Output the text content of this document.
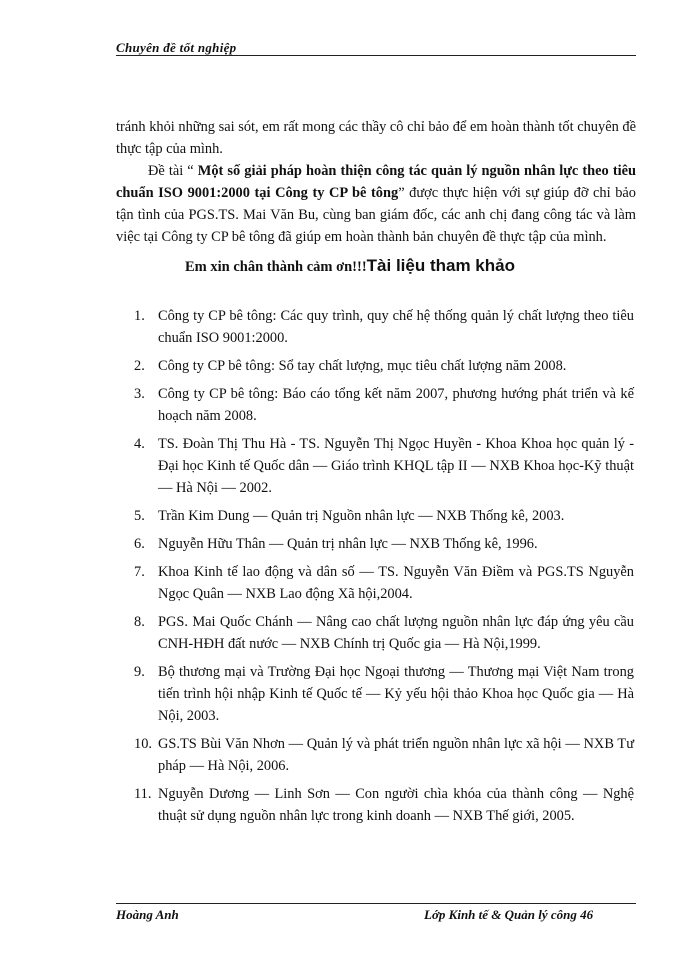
Chuyên đề tốt nghiệp

tránh khỏi những sai sót, em rất mong các thầy cô chỉ bảo để em hoàn thành tốt chuyên đề thực tập của mình.

Đề tài “ Một số giải pháp hoàn thiện công tác quản lý nguồn nhân lực theo tiêu chuẩn ISO 9001:2000 tại Công ty CP bê tông” được thực hiện với sự giúp đỡ chỉ bảo tận tình của PGS.TS. Mai Văn Bu, cùng ban giám đốc, các anh chị đang công tác và làm việc tại Công ty CP bê tông đã giúp em hoàn thành bản chuyên đề thực tập của mình.

Em xin chân thành cảm ơn!!!Tài liệu tham khảo
1. Công ty CP bê tông: Các quy trình, quy chế hệ thống quản lý chất lượng theo tiêu chuẩn ISO 9001:2000.
2. Công ty CP bê tông: Sổ tay chất lượng, mục tiêu chất lượng năm 2008.
3. Công ty CP bê tông: Báo cáo tổng kết năm 2007, phương hướng phát triển và kế hoạch năm 2008.
4. TS. Đoàn Thị Thu Hà - TS. Nguyễn Thị Ngọc Huyền - Khoa Khoa học quản lý - Đại học Kinh tế Quốc dân — Giáo trình KHQL tập II — NXB Khoa học-Kỹ thuật — Hà Nội — 2002.
5. Trần Kim Dung — Quản trị Nguồn nhân lực — NXB Thống kê, 2003.
6. Nguyễn Hữu Thân — Quản trị nhân lực — NXB Thống kê, 1996.
7. Khoa Kinh tế lao động và dân số — TS. Nguyễn Văn Điềm và PGS.TS Nguyễn Ngọc Quân — NXB Lao động Xã hội,2004.
8. PGS. Mai Quốc Chánh — Nâng cao chất lượng nguồn nhân lực đáp ứng yêu cầu CNH-HĐH đất nước — NXB Chính trị Quốc gia — Hà Nội,1999.
9. Bộ thương mại và Trường Đại học Ngoại thương — Thương mại Việt Nam trong tiến trình hội nhập Kinh tế Quốc tế — Kỷ yếu hội thảo Khoa học Quốc gia — Hà Nội, 2003.
10. GS.TS Bùi Văn Nhơn — Quản lý và phát triển nguồn nhân lực xã hội — NXB Tư pháp — Hà Nội, 2006.
11. Nguyễn Dương — Linh Sơn — Con người chìa khóa của thành công — Nghệ thuật sử dụng nguồn nhân lực trong kinh doanh — NXB Thế giới, 2005.
Hoàng Anh	Lớp Kinh tế & Quản lý công 46
